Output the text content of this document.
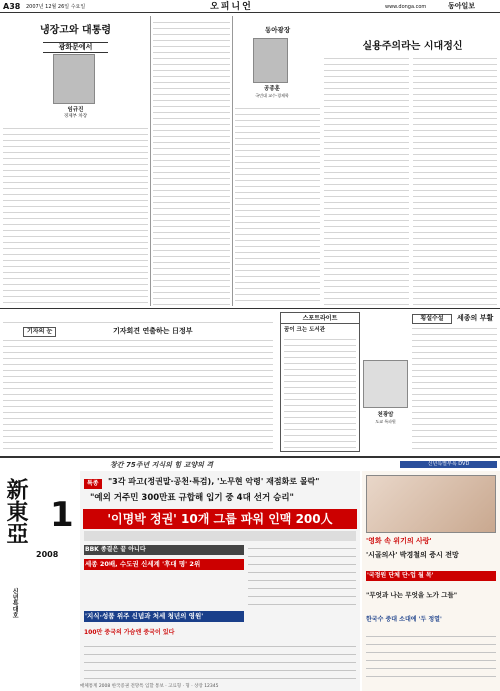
A38 2007년 12월 26일 수요일	오피니언	www.donga.com	동아일보
냉장고와 대통령
광화문에서
임규진
경제부 차장
동아광장
실용주의라는 시대정신
공종훈
국민대 교수·경제학
스포트라이트
꿈이 크는 도서관
천광암
도쿄 특파원
횡설수설	세종의 부활
기자의 눈	기자회견 연출하는 日정부
新東亞
2008
1
신년특대호
창간 75주년 지식의 힘 교양의 격	신년특별부록 DVD
특종	"3각 파고(정권말·공천·특검), '노무현 악령' 재점화로 몰락"
"예외 거주민 300만표 규합해 입기 중 4대 선거 승리"
'이명박 정권' 10개 그룹 파워 인맥 200人
BBK 종결은 끝 아니다
세종 20배, 수도권 신세계 '후대 명' 2위
'지식·성품 위주 신념과 처세 청년의 영원'
100만 중국의 가슴엔 중국이 있다
'영화 속 위기의 사랑'
'시골의사' 박경철의 증시 전망
'국정원 단체 단·업 월 목'
"무엇과 나는 무엇을 노가 그들"
한국수 중대 소대에 '두 정열'
매체통계 2008 한국증권 전망특 입할 통보 · 고료형 · 형 · 상장 12345
